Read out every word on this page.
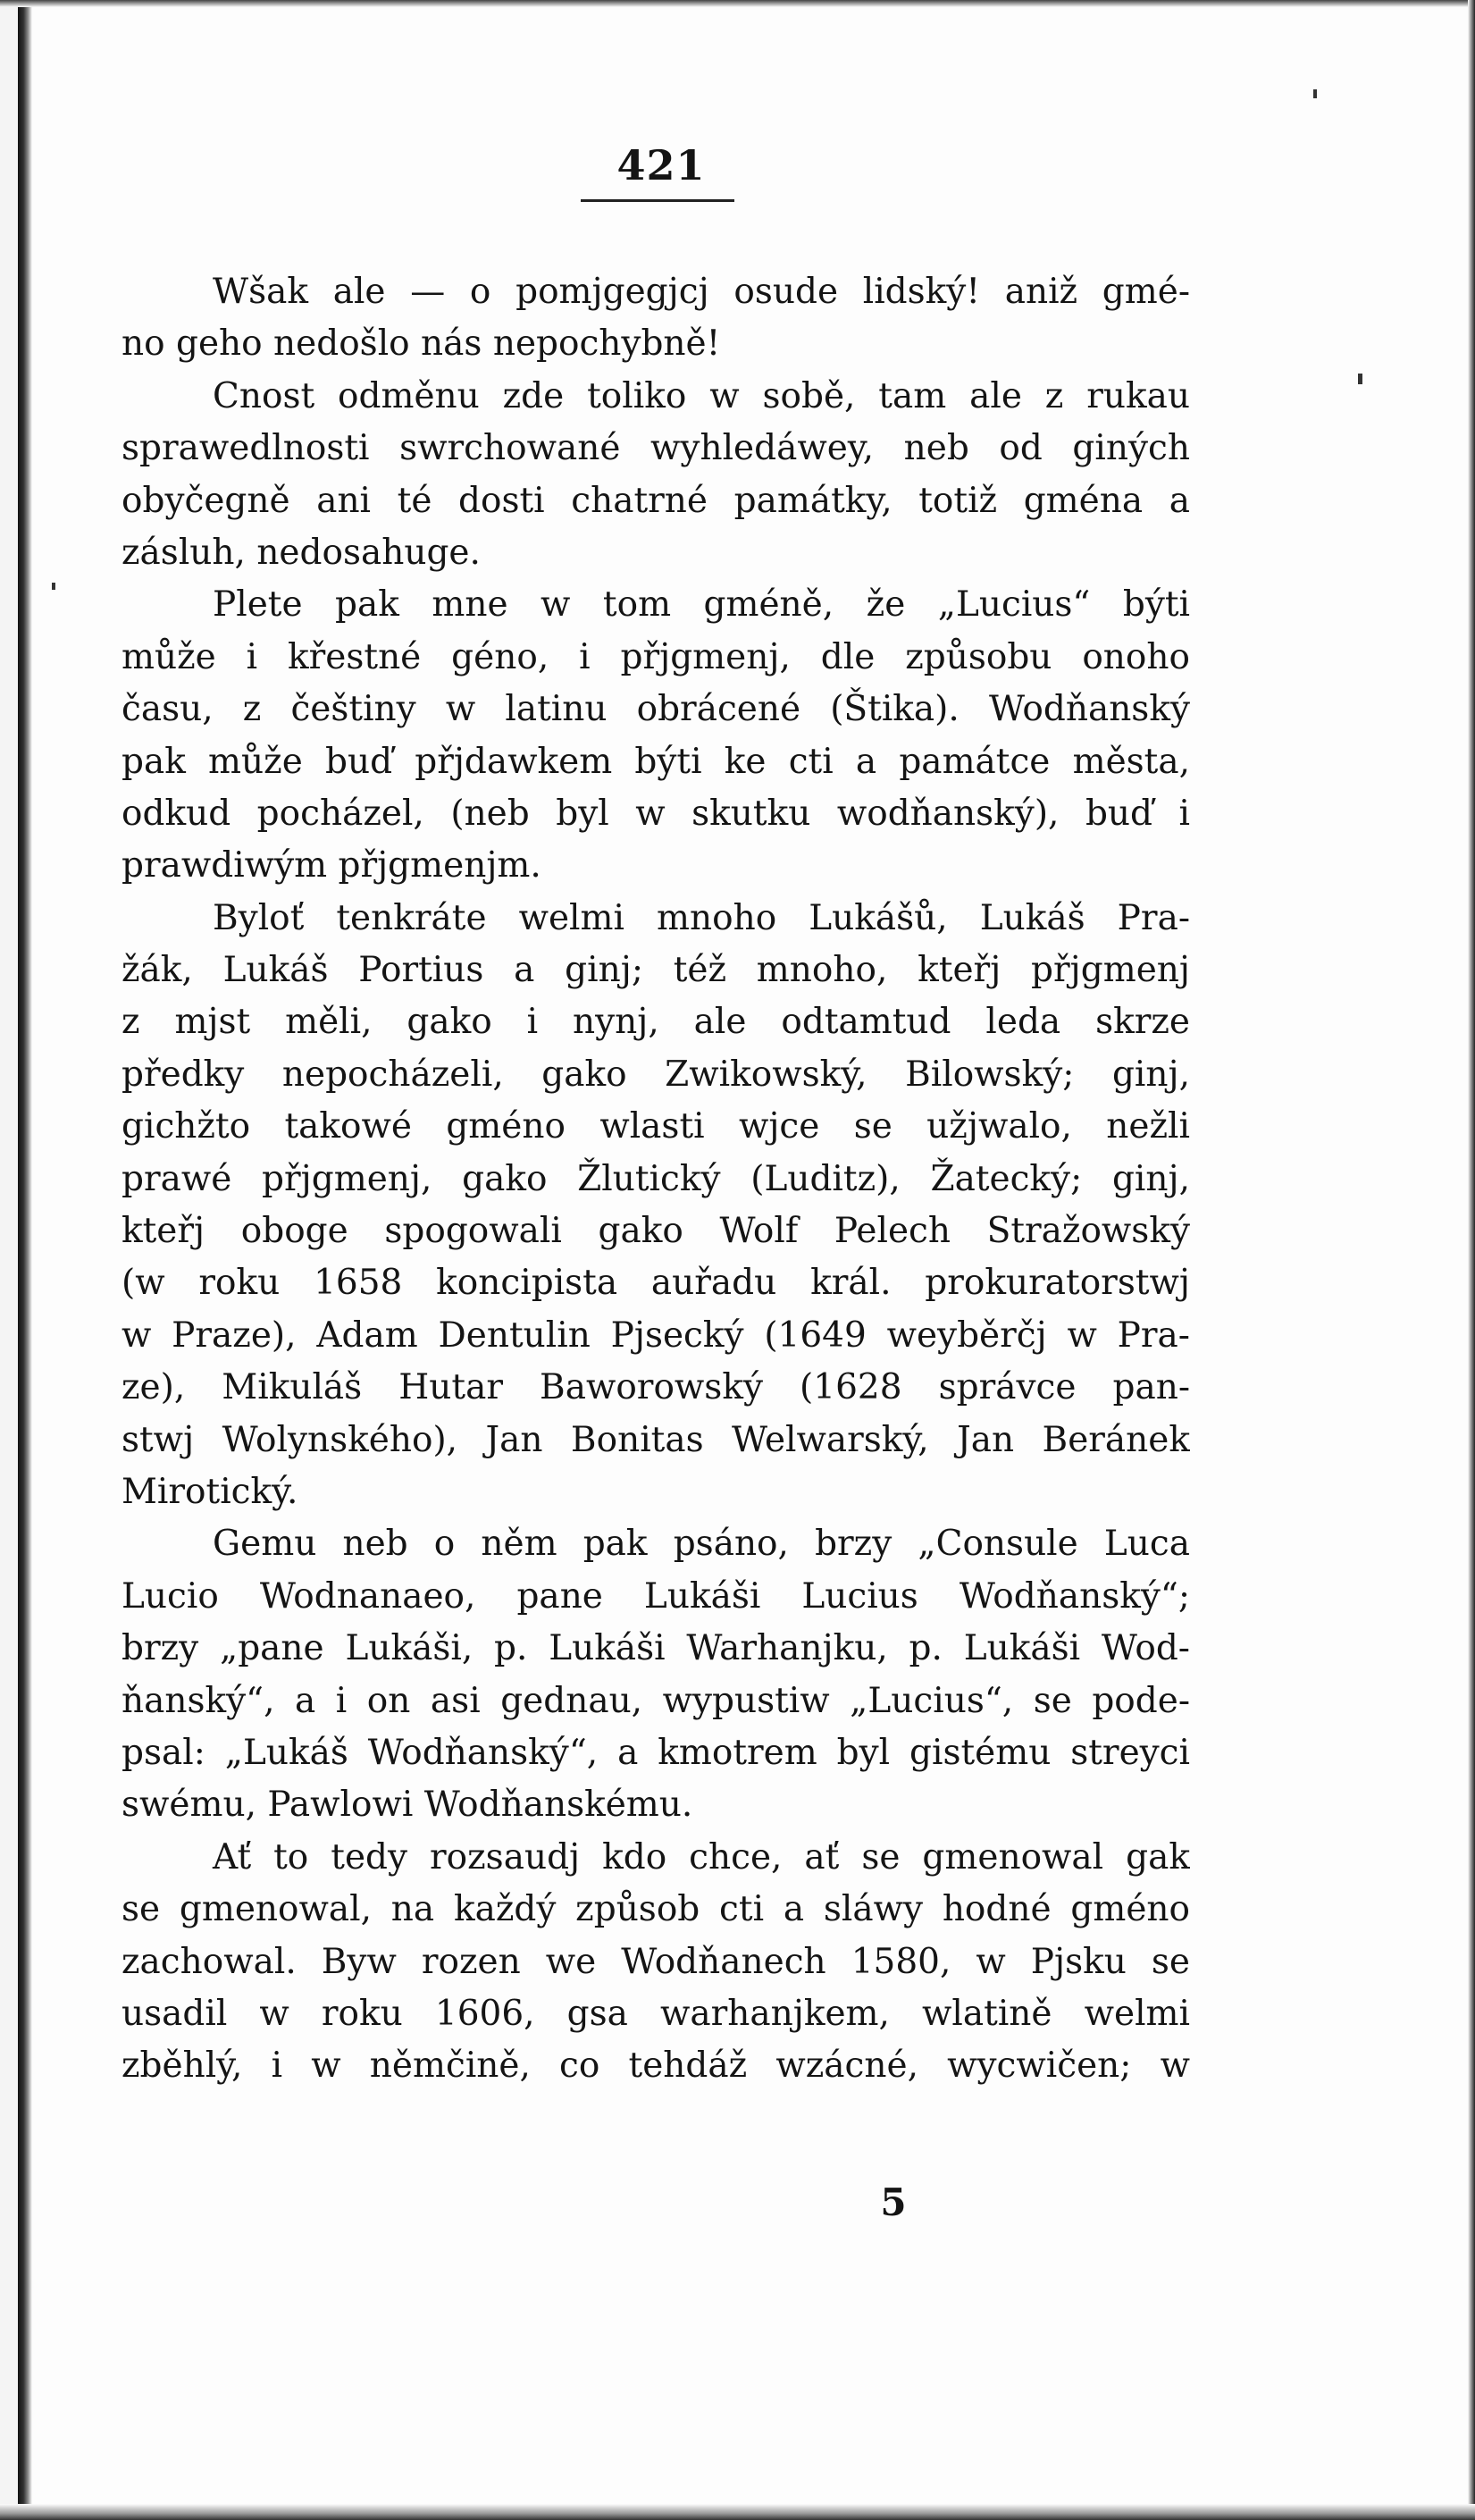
421
Wšak ale — o pomjgegjcj osude lidský! aniž gmé-
no geho nedošlo nás nepochybně!
Cnost odměnu zde toliko w sobě, tam ale z rukau
sprawedlnosti swrchowané wyhledáwey, neb od giných
obyčegně ani té dosti chatrné památky, totiž gména a
zásluh, nedosahuge.
Plete pak mne w tom gméně, že „Lucius“ býti
může i křestné géno, i přjgmenj, dle způsobu onoho
času, z češtiny w latinu obrácené (Štika). Wodňanský
pak může buď přjdawkem býti ke cti a památce města,
odkud pocházel, (neb byl w skutku wodňanský), buď i
prawdiwým přjgmenjm.
Byloť tenkráte welmi mnoho Lukášů, Lukáš Pra-
žák, Lukáš Portius a ginj; též mnoho, kteřj přjgmenj
z mjst měli, gako i nynj, ale odtamtud leda skrze
předky nepocházeli, gako Zwikowský, Bilowský; ginj,
gichžto takowé gméno wlasti wjce se užjwalo, nežli
prawé přjgmenj, gako Žlutický (Luditz), Žatecký; ginj,
kteřj oboge spogowali gako Wolf Pelech Stražowský
(w roku 1658 koncipista auřadu král. prokuratorstwj
w Praze), Adam Dentulin Pjsecký (1649 weyběrčj w Pra-
ze), Mikuláš Hutar Baworowský (1628 správce pan-
stwj Wolynského), Jan Bonitas Welwarský, Jan Beránek
Mirotický.
Gemu neb o něm pak psáno, brzy „Consule Luca
Lucio Wodnanaeo, pane Lukáši Lucius Wodňanský“;
brzy „pane Lukáši, p. Lukáši Warhanjku, p. Lukáši Wod-
ňanský“, a i on asi gednau, wypustiw „Lucius“, se pode-
psal: „Lukáš Wodňanský“, a kmotrem byl gistému streyci
swému, Pawlowi Wodňanskému.
Ať to tedy rozsaudj kdo chce, ať se gmenowal gak
se gmenowal, na každý způsob cti a sláwy hodné gméno
zachowal. Byw rozen we Wodňanech 1580, w Pjsku se
usadil w roku 1606, gsa warhanjkem, wlatině welmi
zběhlý, i w němčině, co tehdáž wzácné, wycwičen; w
5
